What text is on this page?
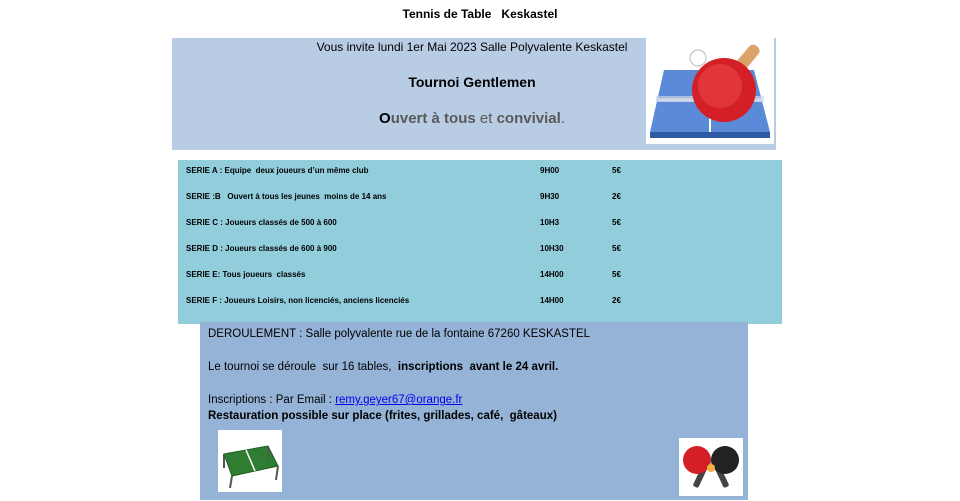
Tennis de Table   Keskastel
Vous invite lundi 1er Mai 2023 Salle Polyvalente Keskastel
Tournoi Gentlemen
Ouvert à tous et convivial.
SERIE A : Equipe  deux joueurs d’un même club	9H00	5€
SERIE :B   Ouvert à tous les jeunes  moins de 14 ans	9H30	2€
SERIE C : Joueurs classés de 500 à 600	10H3	5€
SERIE D : Joueurs classés de 600 à 900	10H30	5€
SERIE E: Tous joueurs  classés	14H00	5€
SERIE F : Joueurs Loisirs, non licenciés, anciens licenciés	14H00	2€
DEROULEMENT : Salle polyvalente rue de la fontaine 67260 KESKASTEL
Le tournoi se déroule  sur 16 tables,  inscriptions  avant le 24 avril.
Inscriptions : Par Email : remy.geyer67@orange.fr
Restauration possible sur place (frites, grillades, café,  gâteaux)
